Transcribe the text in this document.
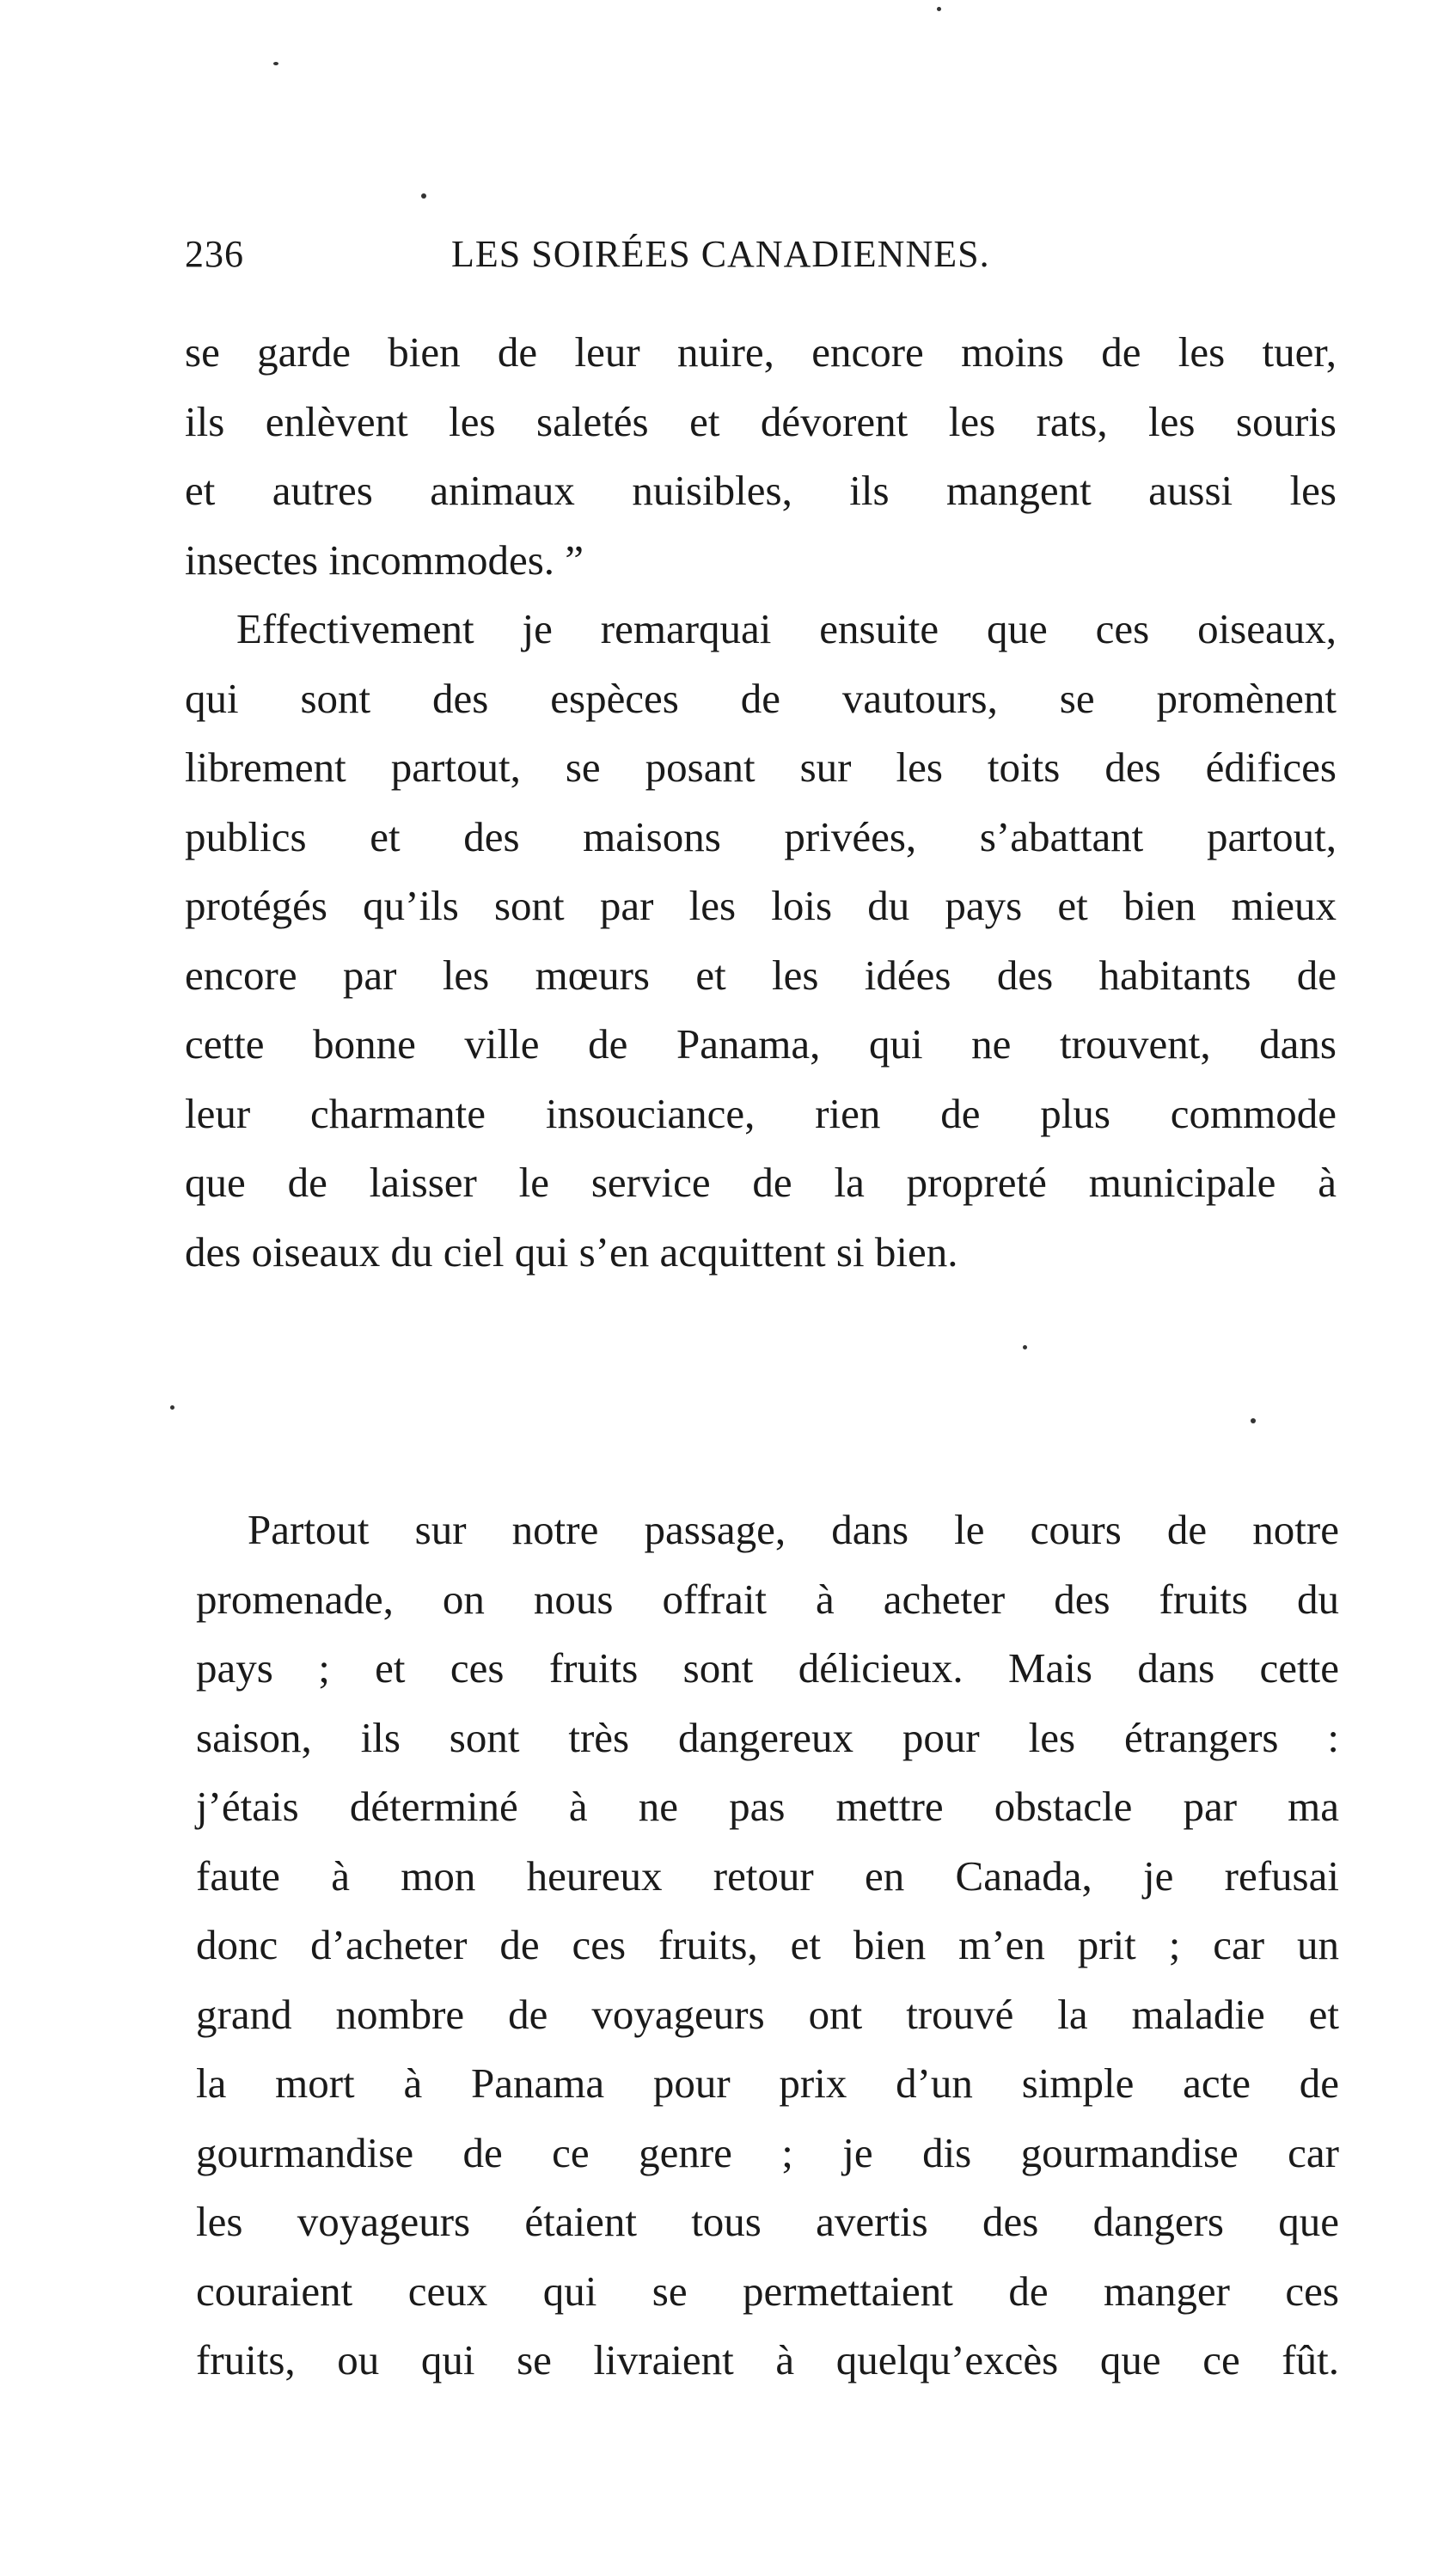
236	LES SOIRÉES CANADIENNES.
se garde bien de leur nuire, encore moins de les tuer,
ils enlèvent les saletés et dévorent les rats, les souris
et autres animaux nuisibles, ils mangent aussi les
insectes incommodes. ”
Effectivement je remarquai ensuite que ces oiseaux,
qui sont des espèces de vautours, se promènent
librement partout, se posant sur les toits des édifices
publics et des maisons privées, s’abattant partout,
protégés qu’ils sont par les lois du pays et bien mieux
encore par les mœurs et les idées des habitants de
cette bonne ville de Panama, qui ne trouvent, dans
leur charmante insouciance, rien de plus commode
que de laisser le service de la propreté municipale à
des oiseaux du ciel qui s’en acquittent si bien.
Partout sur notre passage, dans le cours de notre
promenade, on nous offrait à acheter des fruits du
pays ; et ces fruits sont délicieux. Mais dans cette
saison, ils sont très dangereux pour les étrangers :
j’étais déterminé à ne pas mettre obstacle par ma
faute à mon heureux retour en Canada, je refusai
donc d’acheter de ces fruits, et bien m’en prit ; car un
grand nombre de voyageurs ont trouvé la maladie et
la mort à Panama pour prix d’un simple acte de
gourmandise de ce genre ; je dis gourmandise car
les voyageurs étaient tous avertis des dangers que
couraient ceux qui se permettaient de manger ces
fruits, ou qui se livraient à quelqu’excès que ce fût.
